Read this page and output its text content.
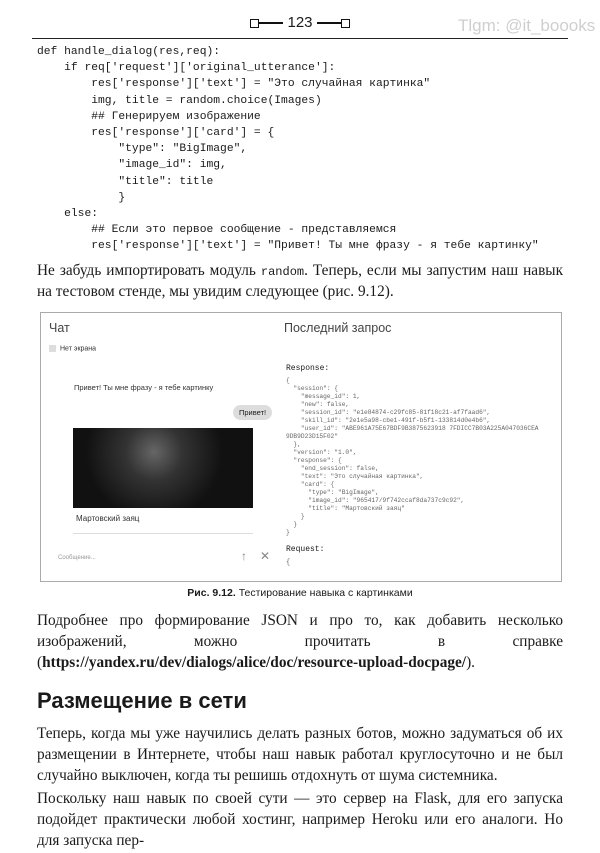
123	Tlgm: @it_boooks
def handle_dialog(res,req):
if req['request']['original_utterance']:
res['response']['text'] = "Это случайная картинка"
img, title = random.choice(Images)
## Генерируем изображение
res['response']['card'] = {
"type": "BigImage",
"image_id": img,
"title": title
}
else:
## Если это первое сообщение - представляемся
res['response']['text'] = "Привет! Ты мне фразу - я тебе картинку"

Не забудь импортировать модуль random. Теперь, если мы запустим наш навык на тестовом стенде, мы увидим следующее (рис. 9.12).

Чат
Нет экрана
Привет! Ты мне фразу - я тебе картинку
Привет!
Мартовский заяц
Сообщение...	↑ ✕
Последний запрос
Response:
{
"session": {
"message_id": 1,
"new": false,
"session_id": "e1e84874-c29fc85-81f18c21-af7faad6",
"skill_id": "2e1e5a98-cbe1-491f-b5f1-133814d0e4b6",
"user_id": "ABE961A75E67BDF9B3875623918 7FDICC7B03A225A047036CEA
9DB9D23D15F02"
},
"version": "1.0",
"response": {
"end_session": false,
"text": "Это случайная картинка",
"card": {
"type": "BigImage",
"image_id": "965417/9f742ccaf8da737c9c92",
"title": "Мартовский заяц"
}
}
}
Request:
{
Рис. 9.12. Тестирование навыка с картинками

Подробнее про формирование JSON и про то, как добавить несколько изображений, можно прочитать в справке (https://yandex.ru/dev/dialogs/alice/doc/resource-upload-docpage/).

Размещение в сети

Теперь, когда мы уже научились делать разных ботов, можно задуматься об их размещении в Интернете, чтобы наш навык работал круглосуточно и не был случайно выключен, когда ты решишь отдохнуть от шума системника.

Поскольку наш навык по своей сути — это сервер на Flask, для его запуска подойдет практически любой хостинг, например Heroku или его аналоги. Но для запуска пер-
